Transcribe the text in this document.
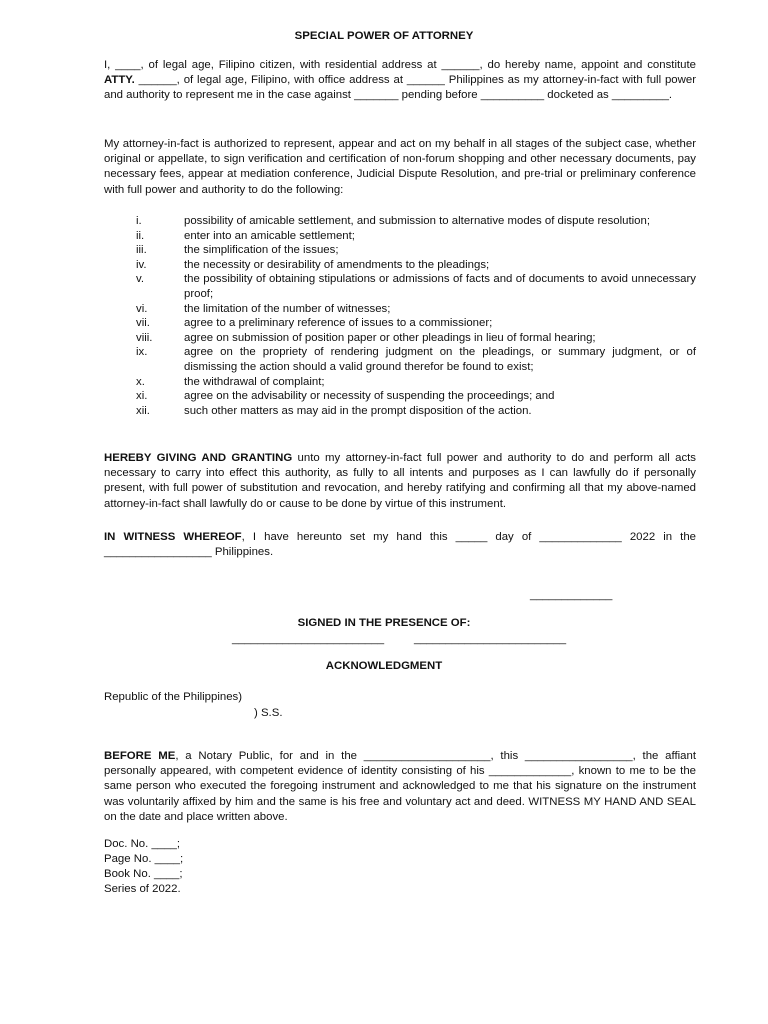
SPECIAL POWER OF ATTORNEY

I, ____, of legal age, Filipino citizen, with residential address at ______, do hereby name, appoint and constitute ATTY. ______, of legal age, Filipino, with office address at ______ Philippines as my attorney-in-fact with full power and authority to represent me in the case against _______ pending before __________ docketed as _________.

My attorney-in-fact is authorized to represent, appear and act on my behalf in all stages of the subject case, whether original or appellate, to sign verification and certification of non-forum shopping and other necessary documents, pay necessary fees, appear at mediation conference, Judicial Dispute Resolution, and pre-trial or preliminary conference with full power and authority to do the following:

i.	possibility of amicable settlement, and submission to alternative modes of dispute resolution;
ii.	enter into an amicable settlement;
iii.	the simplification of the issues;
iv.	the necessity or desirability of amendments to the pleadings;
v.	the possibility of obtaining stipulations or admissions of facts and of documents to avoid unnecessary proof;
vi.	the limitation of the number of witnesses;
vii.	agree to a preliminary reference of issues to a commissioner;
viii.	agree on submission of position paper or other pleadings in lieu of formal hearing;
ix.	agree on the propriety of rendering judgment on the pleadings, or summary judgment, or of dismissing the action should a valid ground therefor be found to exist;
x.	the withdrawal of complaint;
xi.	agree on the advisability or necessity of suspending the proceedings; and
xii.	such other matters as may aid in the prompt disposition of the action.

HEREBY GIVING AND GRANTING unto my attorney-in-fact full power and authority to do and perform all acts necessary to carry into effect this authority, as fully to all intents and purposes as I can lawfully do if personally present, with full power of substitution and revocation, and hereby ratifying and confirming all that my above-named attorney-in-fact shall lawfully do or cause to be done by virtue of this instrument.

IN WITNESS WHEREOF, I have hereunto set my hand this _____ day of _____________ 2022 in the _________________ Philippines.

_____________

SIGNED IN THE PRESENCE OF:

________________________	________________________

ACKNOWLEDGMENT

Republic of the Philippines)
) S.S.

BEFORE ME, a Notary Public, for and in the ____________________, this _________________, the affiant personally appeared, with competent evidence of identity consisting of his _____________, known to me to be the same person who executed the foregoing instrument and acknowledged to me that his signature on the instrument was voluntarily affixed by him and the same is his free and voluntary act and deed. WITNESS MY HAND AND SEAL on the date and place written above.

Doc. No. ____;
Page No. ____;
Book No. ____;
Series of 2022.
